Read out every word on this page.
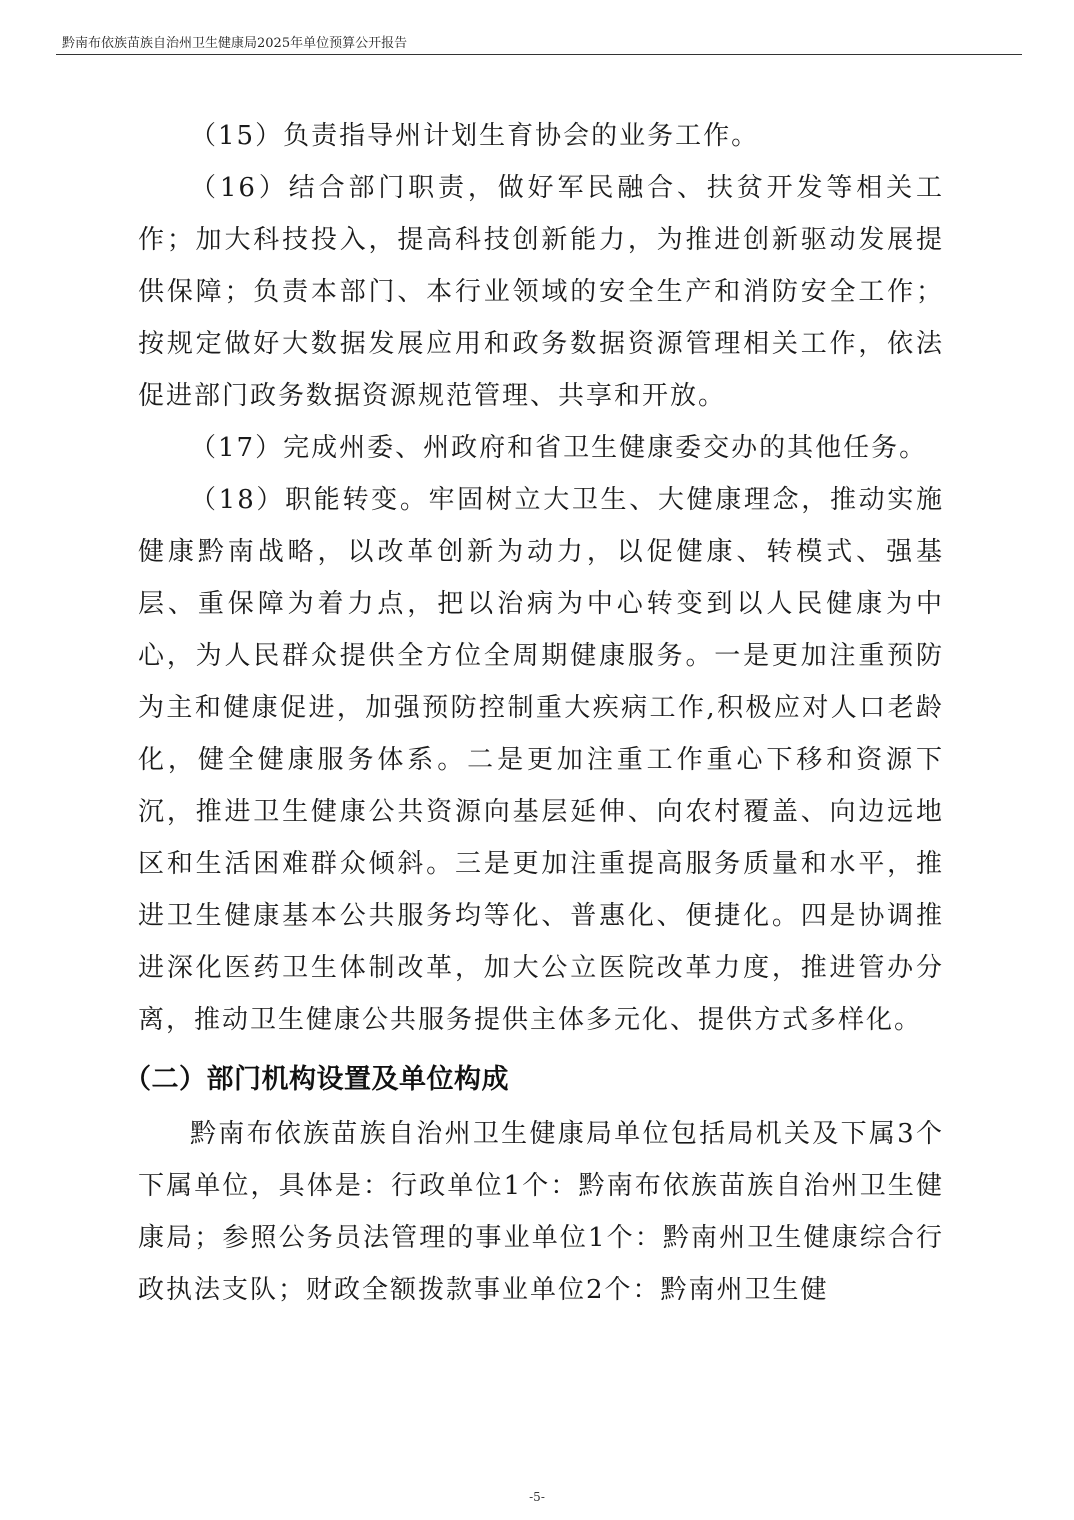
黔南布依族苗族自治州卫生健康局2025年单位预算公开报告

（15）负责指导州计划生育协会的业务工作。

（16）结合部门职责，做好军民融合、扶贫开发等相关工作；加大科技投入，提高科技创新能力，为推进创新驱动发展提供保障；负责本部门、本行业领域的安全生产和消防安全工作；按规定做好大数据发展应用和政务数据资源管理相关工作，依法促进部门政务数据资源规范管理、共享和开放。

（17）完成州委、州政府和省卫生健康委交办的其他任务。

（18）职能转变。牢固树立大卫生、大健康理念，推动实施健康黔南战略，以改革创新为动力，以促健康、转模式、强基层、重保障为着力点，把以治病为中心转变到以人民健康为中心，为人民群众提供全方位全周期健康服务。一是更加注重预防为主和健康促进，加强预防控制重大疾病工作,积极应对人口老龄化，健全健康服务体系。二是更加注重工作重心下移和资源下沉，推进卫生健康公共资源向基层延伸、向农村覆盖、向边远地区和生活困难群众倾斜。三是更加注重提高服务质量和水平，推进卫生健康基本公共服务均等化、普惠化、便捷化。四是协调推进深化医药卫生体制改革，加大公立医院改革力度，推进管办分离，推动卫生健康公共服务提供主体多元化、提供方式多样化。

（二）部门机构设置及单位构成

黔南布依族苗族自治州卫生健康局单位包括局机关及下属3个下属单位，具体是：行政单位1个：黔南布依族苗族自治州卫生健康局；参照公务员法管理的事业单位1个：黔南州卫生健康综合行政执法支队；财政全额拨款事业单位2个：黔南州卫生健

-5-
